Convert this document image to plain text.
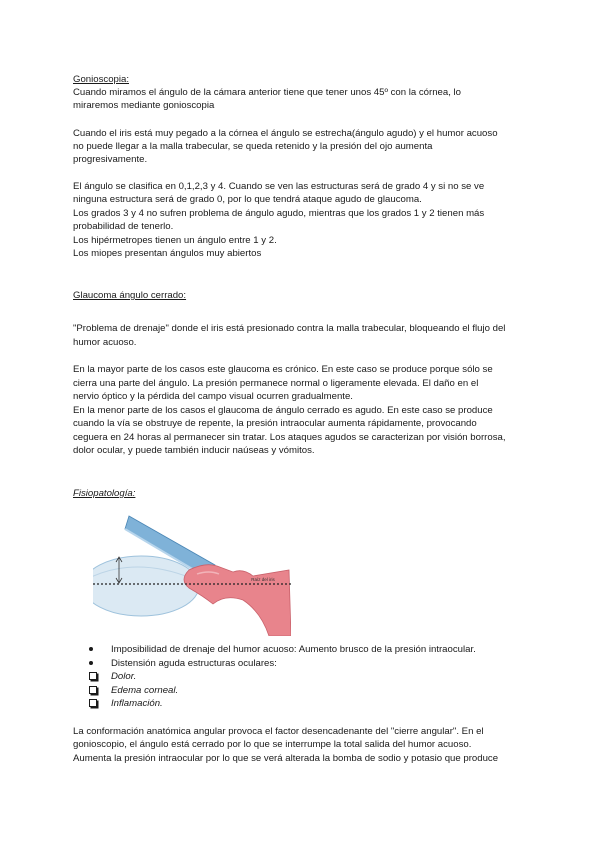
Gonioscopia:
Cuando miramos el ángulo de la cámara anterior tiene que tener unos 45º con la córnea, lo
miraremos mediante gonioscopia
Cuando el iris está muy pegado a la córnea el ángulo se estrecha(ángulo agudo) y el humor acuoso
no puede llegar a la malla trabecular, se queda retenido y la presión del ojo aumenta
progresivamente.
El ángulo se clasifica en 0,1,2,3 y 4. Cuando se ven las estructuras será de grado 4 y si no se ve
ninguna estructura será de grado 0, por lo que tendrá ataque agudo de glaucoma.
Los grados 3 y 4 no sufren problema de ángulo agudo, mientras que los grados 1 y 2 tienen más
probabilidad de tenerlo.
Los hipérmetropes tienen un ángulo entre 1 y 2.
Los miopes presentan ángulos muy abiertos
Glaucoma ángulo cerrado:
"Problema de drenaje" donde el iris está presionado contra la malla trabecular, bloqueando el flujo del
humor acuoso.
En la mayor parte de los casos este glaucoma es crónico. En este caso se produce porque sólo se
cierra una parte del ángulo. La presión permanece normal o ligeramente elevada. El daño en el
nervio óptico y la pérdida del campo visual ocurren gradualmente.
En la menor parte de los casos el glaucoma de ángulo cerrado es agudo. En este caso se produce
cuando la vía se obstruye de repente, la presión intraocular aumenta rápidamente, provocando
ceguera en 24 horas al permanecer sin tratar. Los ataques agudos se caracterizan por visión borrosa,
dolor ocular, y puede también inducir naúseas y vómitos.
Fisiopatología:
Raíz del iris
Imposibilidad de drenaje del humor acuoso: Aumento brusco de la presión intraocular.
Distensión aguda estructuras oculares:
Dolor.
Edema corneal.
Inflamación.
La conformación anatómica angular provoca el factor desencadenante del "cierre angular". En el
gonioscopio, el ángulo está cerrado por lo que se interrumpe la total salida del humor acuoso.
Aumenta la presión intraocular por lo que se verá alterada la bomba de sodio y potasio que produce
